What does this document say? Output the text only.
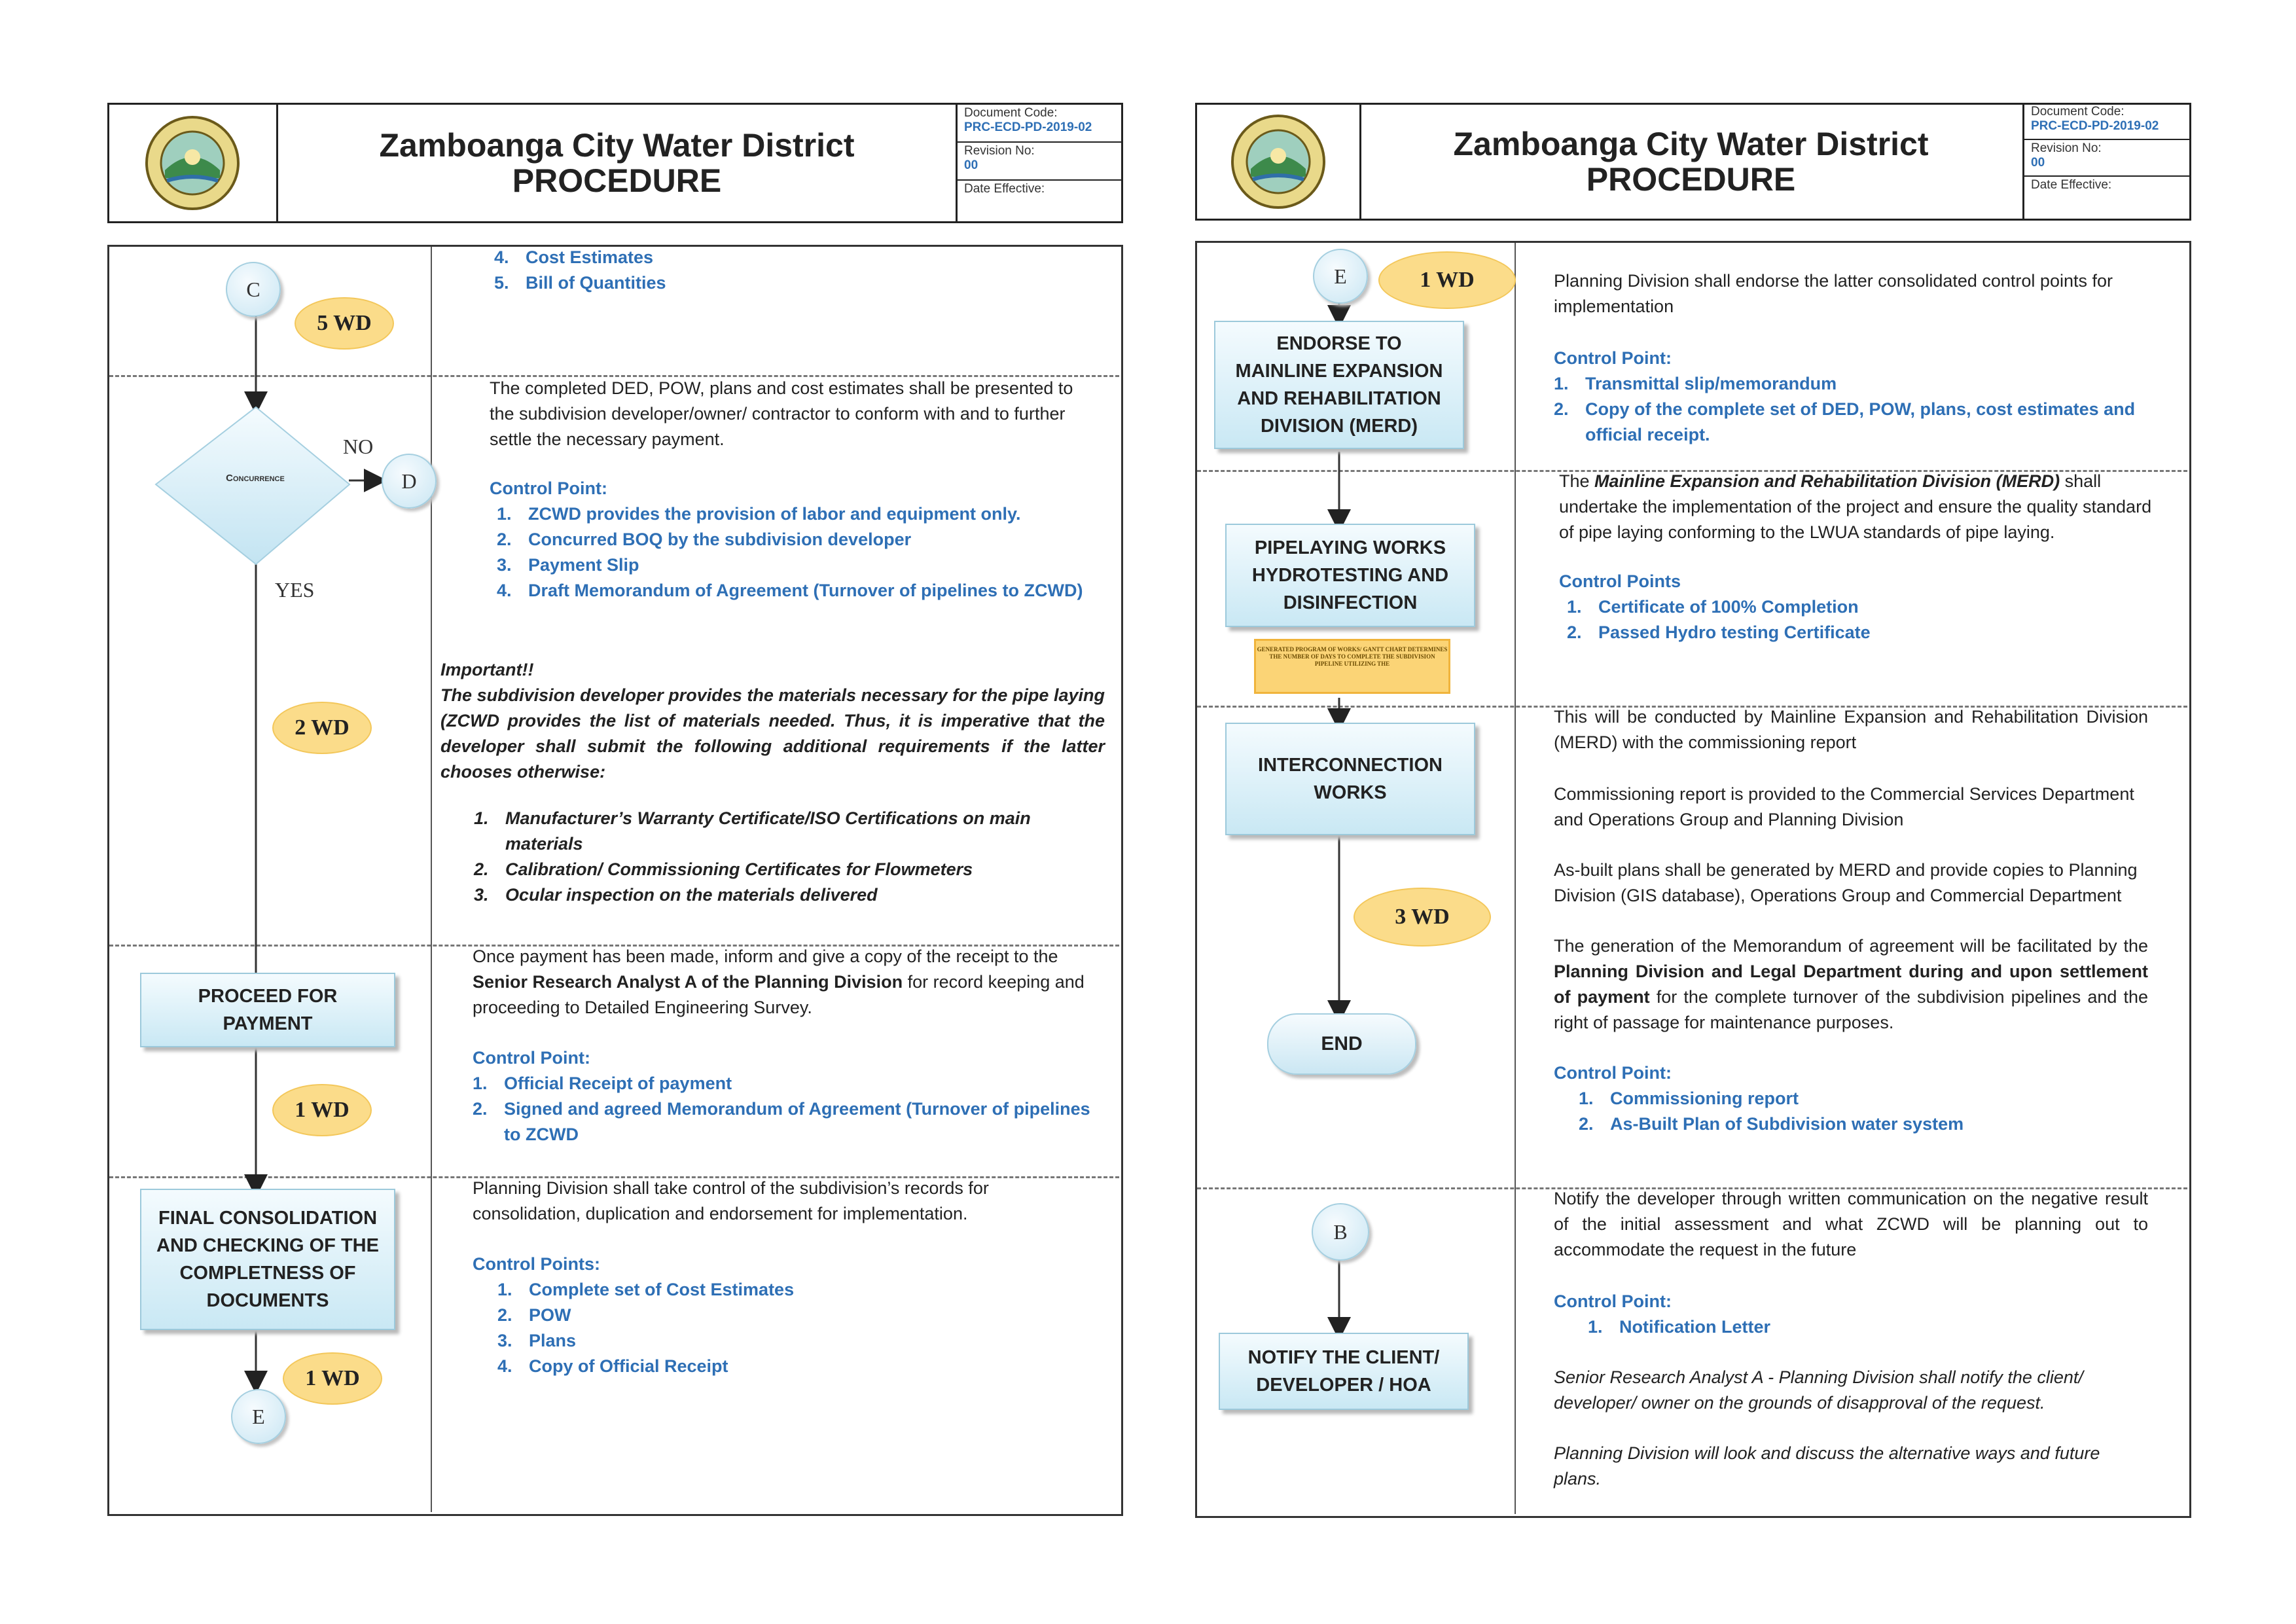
Zamboanga City Water District
PROCEDURE
Document Code:
PRC-ECD-PD-2019-02
Revision No:
00
Date Effective:
C
5 WD
4. Cost Estimates
5. Bill of Quantities
Concurrence
NO
D
YES
2 WD

The completed DED, POW, plans and cost estimates shall be presented to the subdivision developer/owner/ contractor to conform with and to further settle the necessary payment.

Control Point:

1. ZCWD provides the provision of labor and equipment only.
2. Concurred BOQ by the subdivision developer
3. Payment Slip
4. Draft Memorandum of Agreement (Turnover of pipelines to ZCWD)

Important!!

The subdivision developer provides the materials necessary for the pipe laying (ZCWD provides the list of materials needed. Thus, it is imperative that the developer shall submit the following additional requirements if the latter chooses otherwise:

1. Manufacturer’s Warranty Certificate/ISO Certifications on main materials
2. Calibration/ Commissioning Certificates for Flowmeters
3. Ocular inspection on the materials delivered
PROCEED FOR PAYMENT
1 WD

Once payment has been made, inform and give a copy of the receipt to the Senior Research Analyst A of the Planning Division for record keeping and proceeding to Detailed Engineering Survey.

Control Point:

1. Official Receipt of payment
2. Signed and agreed Memorandum of Agreement (Turnover of pipelines to ZCWD
FINAL CONSOLIDATION AND CHECKING OF THE COMPLETNESS OF DOCUMENTS
1 WD
E

Planning Division shall take control of the subdivision’s records for consolidation, duplication and endorsement for implementation.

Control Points:

1. Complete set of Cost Estimates
2. POW
3. Plans
4. Copy of Official Receipt
Zamboanga City Water District
PROCEDURE
Document Code:
PRC-ECD-PD-2019-02
Revision No:
00
Date Effective:
E	1 WD
ENDORSE TO MAINLINE EXPANSION AND REHABILITATION DIVISION (MERD)

Planning Division shall endorse the latter consolidated control points for implementation

Control Point:

1. Transmittal slip/memorandum
2. Copy of the complete set of DED, POW, plans, cost estimates and official receipt.
PIPELAYING WORKS HYDROTESTING AND DISINFECTION
GENERATED PROGRAM OF WORKS/ GANTT CHART DETERMINES THE NUMBER OF DAYS TO COMPLETE THE SUBDIVISION PIPELINE UTILIZING THE

The Mainline Expansion and Rehabilitation Division (MERD) shall undertake the implementation of the project and ensure the quality standard of pipe laying conforming to the LWUA standards of pipe laying.

Control Points

1. Certificate of 100% Completion
2. Passed Hydro testing Certificate
INTERCONNECTION WORKS
3 WD
END

This will be conducted by Mainline Expansion and Rehabilitation Division (MERD) with the commissioning report

Commissioning report is provided to the Commercial Services Department and Operations Group and Planning Division

As-built plans shall be generated by MERD and provide copies to Planning Division (GIS database), Operations Group and Commercial Department

The generation of the Memorandum of agreement will be facilitated by the Planning Division and Legal Department during and upon settlement of payment for the complete turnover of the subdivision pipelines and the right of passage for maintenance purposes.

Control Point:

1. Commissioning report
2. As-Built Plan of Subdivision water system
B
NOTIFY THE CLIENT/ DEVELOPER / HOA

Notify the developer through written communication on the negative result of the initial assessment and what ZCWD will be planning out to accommodate the request in the future

Control Point:

1. Notification Letter

Senior Research Analyst A - Planning Division shall notify the client/ developer/ owner on the grounds of disapproval of the request.

Planning Division will look and discuss the alternative ways and future plans.
